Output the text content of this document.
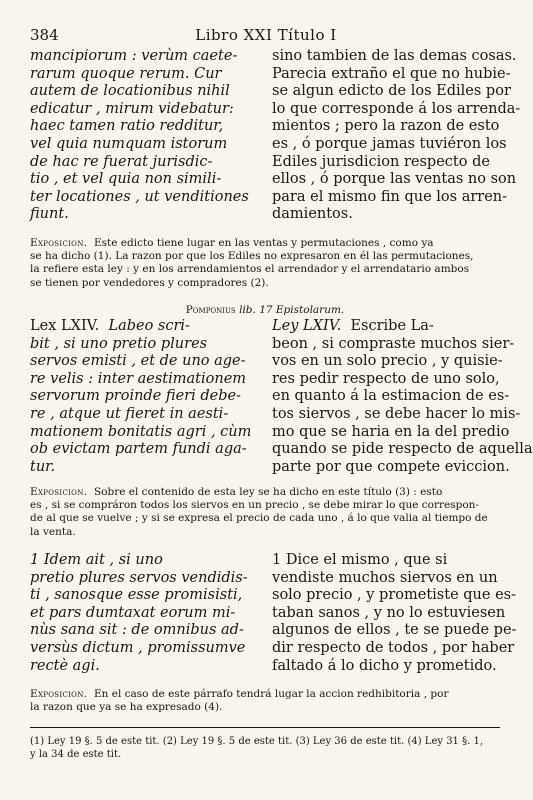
384	Libro XXI Título I
mancipiorum : verùm caete-
rarum quoque rerum. Cur
autem de locationibus nihil
edicatur , mirum videbatur:
haec tamen ratio redditur,
vel quia numquam istorum
de hac re fuerat jurisdic-
tio , et vel quia non simili-
ter locationes , ut venditiones
fiunt.
sino tambien de las demas cosas.
Parecia extraño el que no hubie-
se algun edicto de los Ediles por
lo que corresponde á los arrenda-
mientos ; pero la razon de esto
es , ó porque jamas tuviéron los
Ediles jurisdicion respecto de
ellos , ó porque las ventas no son
para el mismo fin que los arren-
damientos.
Exposicion. Este edicto tiene lugar en las ventas y permutaciones , como ya
se ha dicho (1). La razon por que los Ediles no expresaron en él las permutaciones,
la refiere esta ley : y en los arrendamientos el arrendador y el arrendatario ambos
se tienen por vendedores y compradores (2).
Pomponius lib. 17 Epistolarum.
Lex LXIV. Labeo scri-
bit , si uno pretio plures
servos emisti , et de uno age-
re velis : inter aestimationem
servorum proinde fieri debe-
re , atque ut fieret in aesti-
mationem bonitatis agri , cùm
ob evictam partem fundi aga-
tur.
Ley LXIV. Escribe La-
beon , si compraste muchos sier-
vos en un solo precio , y quisie-
res pedir respecto de uno solo,
en quanto á la estimacion de es-
tos siervos , se debe hacer lo mis-
mo que se haria en la del predio
quando se pide respecto de aquella
parte por que compete eviccion.
Exposicion. Sobre el contenido de esta ley se ha dicho en este título (3) : esto
es , si se compráron todos los siervos en un precio , se debe mirar lo que correspon-
de al que se vuelve ; y si se expresa el precio de cada uno , á lo que valia al tiempo de
la venta.
1 Idem ait , si uno
pretio plures servos vendidis-
ti , sanosque esse promisisti,
et pars dumtaxat eorum mi-
nùs sana sit : de omnibus ad-
versùs dictum , promissumve
rectè agi.
1 Dice el mismo , que si
vendiste muchos siervos en un
solo precio , y prometiste que es-
taban sanos , y no lo estuviesen
algunos de ellos , te se puede pe-
dir respecto de todos , por haber
faltado á lo dicho y prometido.
Exposicion. En el caso de este párrafo tendrá lugar la accion redhibitoria , por
la razon que ya se ha expresado (4).
(1) Ley 19 §. 5 de este tit. (2) Ley 19 §. 5 de este tit. (3) Ley 36 de este tit. (4) Ley 31 §. 1,
y la 34 de este tit.
